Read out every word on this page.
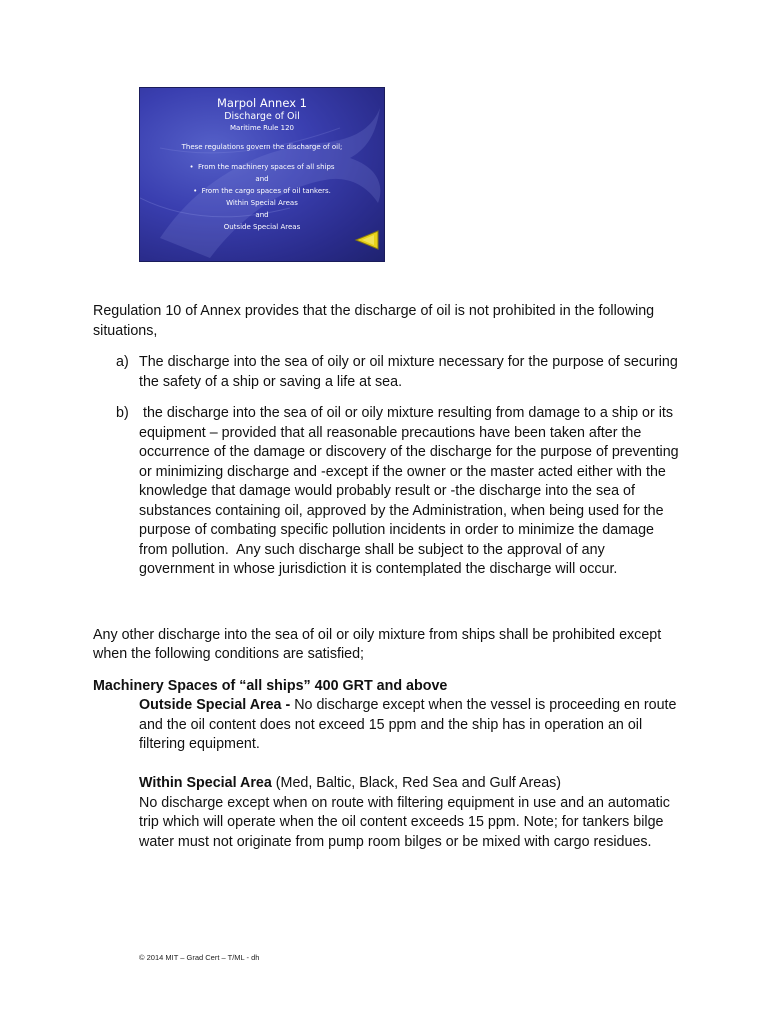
Marpol Annex 1
Discharge of Oil
Maritime Rule 120
These regulations govern the discharge of oil;
• From the machinery spaces of all ships
and
• From the cargo spaces of oil tankers.
Within Special Areas
and
Outside Special Areas

Regulation 10 of Annex provides that the discharge of oil is not prohibited in the following situations,

a) The discharge into the sea of oily or oil mixture necessary for the purpose of securing the safety of a ship or saving a life at sea.
b) the discharge into the sea of oil or oily mixture resulting from damage to a ship or its equipment – provided that all reasonable precautions have been taken after the occurrence of the damage or discovery of the discharge for the purpose of preventing or minimizing discharge and -except if the owner or the master acted either with the knowledge that damage would probably result or -the discharge into the sea of substances containing oil, approved by the Administration, when being used for the purpose of combating specific pollution incidents in order to minimize the damage from pollution.  Any such discharge shall be subject to the approval of any government in whose jurisdiction it is contemplated the discharge will occur.

Any other discharge into the sea of oil or oily mixture from ships shall be prohibited except when the following conditions are satisfied;

Machinery Spaces of “all ships” 400 GRT and above
Outside Special Area - No discharge except when the vessel is proceeding en route and the oil content does not exceed 15 ppm and the ship has in operation an oil filtering equipment.
Within Special Area (Med, Baltic, Black, Red Sea and Gulf Areas)
No discharge except when on route with filtering equipment in use and an automatic trip which will operate when the oil content exceeds 15 ppm. Note; for tankers bilge water must not originate from pump room bilges or be mixed with cargo residues.
© 2014 MIT – Grad Cert – T/ML - dh
